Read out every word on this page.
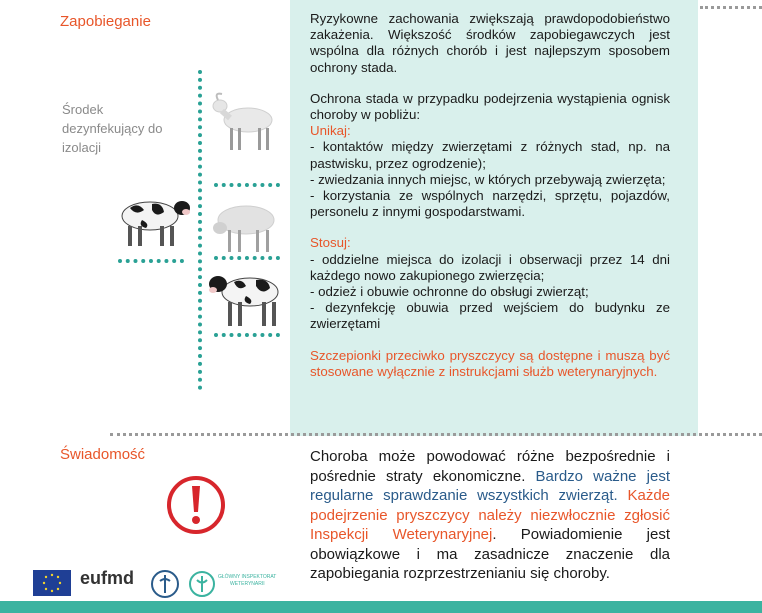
Zapobieganie
Świadomość
Środek
dezynfekujący do
izolacji
Ryzykowne zachowania zwiększają prawdopodobieństwo zakażenia. Większość środków zapobiegawczych jest wspólna dla różnych chorób i jest najlepszym sposobem ochrony stada.
Ochrona stada w przypadku podejrzenia wystąpienia ognisk choroby w pobliżu:
Unikaj:
- kontaktów między zwierzętami z różnych stad, np. na pastwisku, przez ogrodzenie);
- zwiedzania innych miejsc, w których przebywają zwierzęta;
- korzystania ze wspólnych narzędzi, sprzętu, pojazdów, personelu z innymi gospodarstwami.
Stosuj:
- oddzielne miejsca do izolacji i obserwacji przez 14 dni każdego nowo zakupionego zwierzęcia;
- odzież i obuwie ochronne do obsługi zwierząt;
- dezynfekcję obuwia przed wejściem do budynku ze zwierzętami
Szczepionki przeciwko pryszczycy są dostępne i muszą być stosowane wyłącznie z instrukcjami służb weterynaryjnych.
Choroba może powodować różne bezpośrednie i pośrednie straty ekonomiczne. Bardzo ważne jest regularne sprawdzanie wszystkich zwierząt. Każde podejrzenie pryszczycy należy niezwłocznie zgłosić Inspekcji Weterynaryjnej. Powiadomienie jest obowiązkowe i ma zasadnicze znaczenie dla zapobiegania rozprzestrzenianiu się choroby.
eufmd	GŁÓWNY INSPEKTORAT
WETERYNARII
